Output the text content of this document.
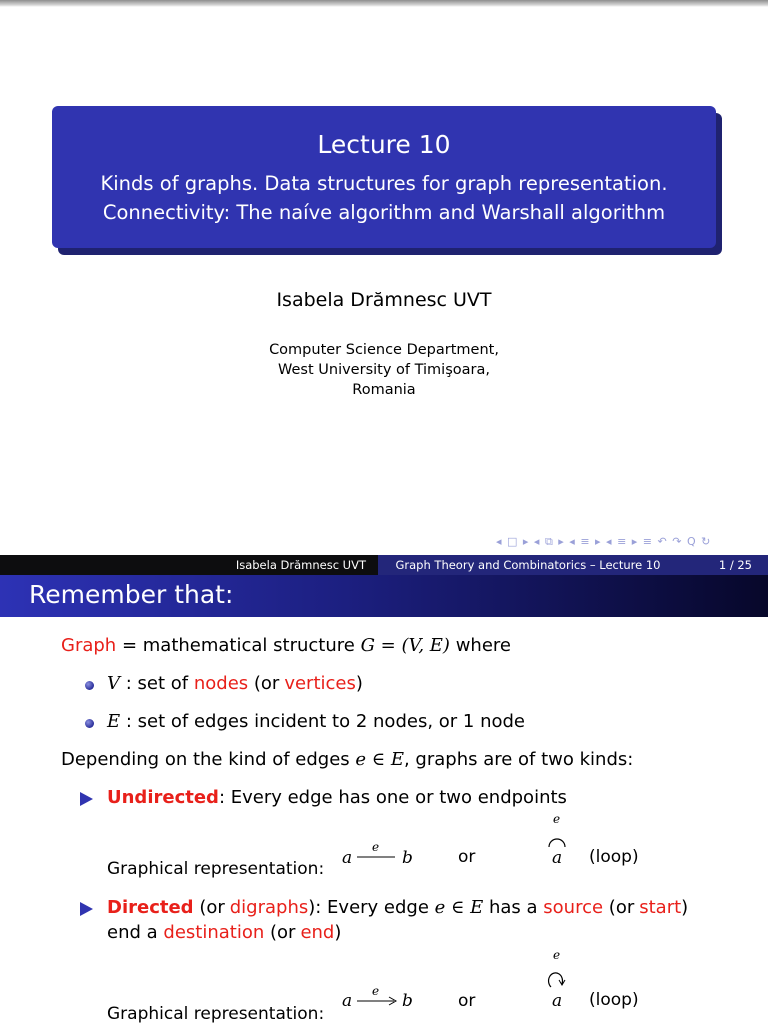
Lecture 10
Kinds of graphs. Data structures for graph representation.
Connectivity: The naíve algorithm and Warshall algorithm
Isabela Drămnesc UVT
Computer Science Department,
West University of Timişoara,
Romania
◂ □ ▸ ◂ ⧉ ▸ ◂ ≡ ▸ ◂ ≡ ▸ ≡ ↶ ↷ Q ↻
Isabela Drămnesc UVT	Graph Theory and Combinatorics – Lecture 10	1 / 25
Remember that:
Graph = mathematical structure G = (V, E) where
V : set of nodes (or vertices)
E : set of edges incident to 2 nodes, or 1 node
Depending on the kind of edges e ∈ E, graphs are of two kinds:
Undirected: Every edge has one or two endpoints
Graphical representation:
a
e
b	or
e
a (loop)
Directed (or digraphs): Every edge e ∈ E has a source (or start)
end a destination (or end)
Graphical representation:
a e b	or
e
a (loop)
